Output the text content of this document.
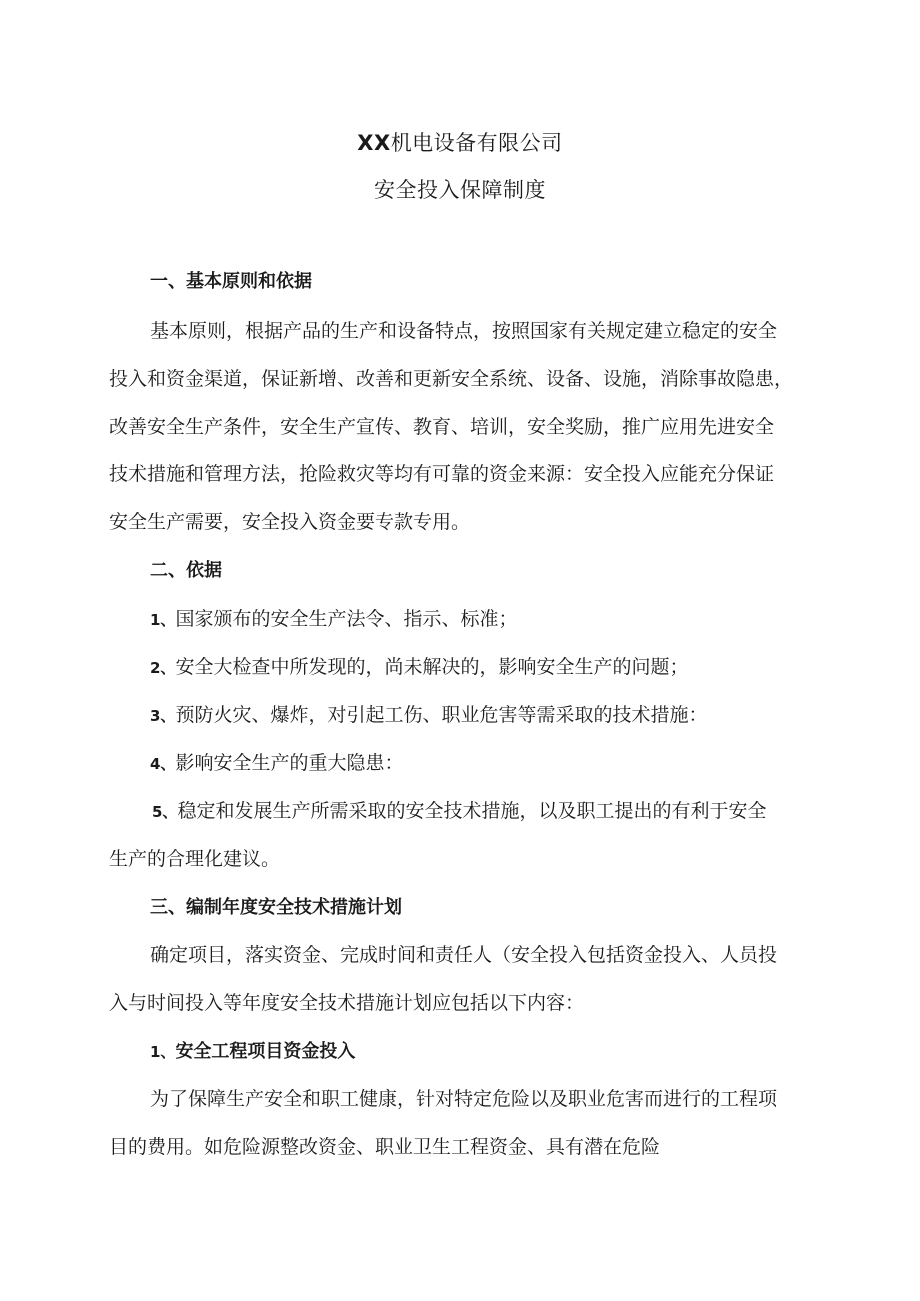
XX机电设备有限公司
安全投入保障制度
一、基本原则和依据
基本原则，根据产品的生产和设备特点，按照国家有关规定建立稳定的安全
投入和资金渠道，保证新增、改善和更新安全系统、设备、设施，消除事故隐患，
改善安全生产条件，安全生产宣传、教育、培训，安全奖励，推广应用先进安全
技术措施和管理方法，抢险救灾等均有可靠的资金来源：安全投入应能充分保证
安全生产需要，安全投入资金要专款专用。
二、依据
1、国家颁布的安全生产法令、指示、标准；
2、安全大检查中所发现的，尚未解决的，影响安全生产的问题；
3、预防火灾、爆炸，对引起工伤、职业危害等需采取的技术措施：
4、影响安全生产的重大隐患：
5、稳定和发展生产所需采取的安全技术措施，以及职工提出的有利于安全
生产的合理化建议。
三、编制年度安全技术措施计划
确定项目，落实资金、完成时间和责任人（安全投入包括资金投入、人员投
入与时间投入等年度安全技术措施计划应包括以下内容：
1、安全工程项目资金投入
为了保障生产安全和职工健康，针对特定危险以及职业危害而进行的工程项
目的费用。如危险源整改资金、职业卫生工程资金、具有潜在危险
